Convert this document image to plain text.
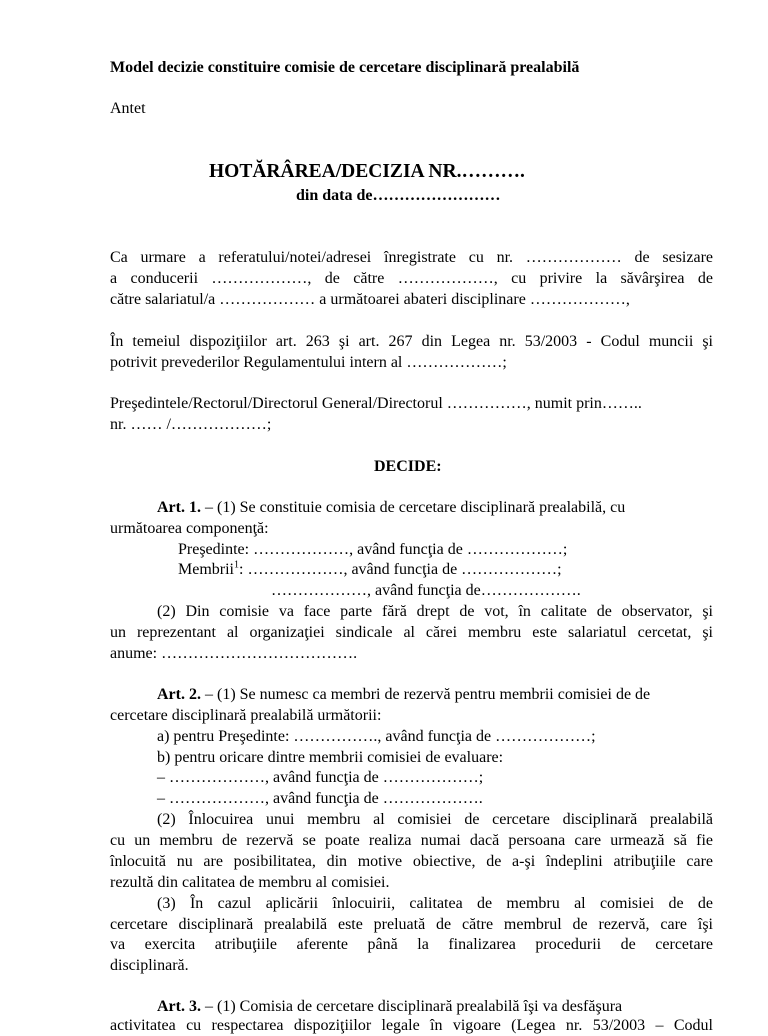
Model decizie constituire comisie de cercetare disciplinară prealabilă
Antet
HOTĂRÂREA/DECIZIA NR.……….
din data de……………………
Ca urmare a referatului/notei/adresei înregistrate cu nr. ……………… de sesizare
a conducerii ………………, de către ………………, cu privire la săvârşirea de
către salariatul/a ……………… a următoarei abateri disciplinare ………………,
În temeiul dispoziţiilor art. 263 şi art. 267 din Legea nr. 53/2003 - Codul muncii şi
potrivit prevederilor Regulamentului intern al ………………;
Preşedintele/Rectorul/Directorul General/Directorul ……………, numit prin……..
nr. …… /………………;
DECIDE:
Art. 1. – (1) Se constituie comisia de cercetare disciplinară prealabilă, cu
următoarea componenţă:
Preşedinte: ………………, având funcţia de ………………;
Membrii$^1$: ………………, având funcţia de ………………;
………………, având funcţia de……………….
(2) Din comisie va face parte fără drept de vot, în calitate de observator, şi
un reprezentant al organizaţiei sindicale al cărei membru este salariatul cercetat, şi
anume: ……………………………….
Art. 2. – (1) Se numesc ca membri de rezervă pentru membrii comisiei de de
cercetare disciplinară prealabilă următorii:
a) pentru Preşedinte: ……………., având funcţia de ………………;
b) pentru oricare dintre membrii comisiei de evaluare:
– ………………, având funcţia de ………………;
– ………………, având funcţia de ……………….
(2) Înlocuirea unui membru al comisiei de cercetare disciplinară prealabilă
cu un membru de rezervă se poate realiza numai dacă persoana care urmează să fie
înlocuită nu are posibilitatea, din motive obiective, de a-şi îndeplini atribuţiile care
rezultă din calitatea de membru al comisiei.
(3) În cazul aplicării înlocuirii, calitatea de membru al comisiei de de
cercetare disciplinară prealabilă este preluată de către membrul de rezervă, care îşi
va exercita atribuţiile aferente până la finalizarea procedurii de cercetare
disciplinară.
Art. 3. – (1) Comisia de cercetare disciplinară prealabilă îşi va desfăşura
activitatea cu respectarea dispoziţiilor legale în vigoare (Legea nr. 53/2003 – Codul
